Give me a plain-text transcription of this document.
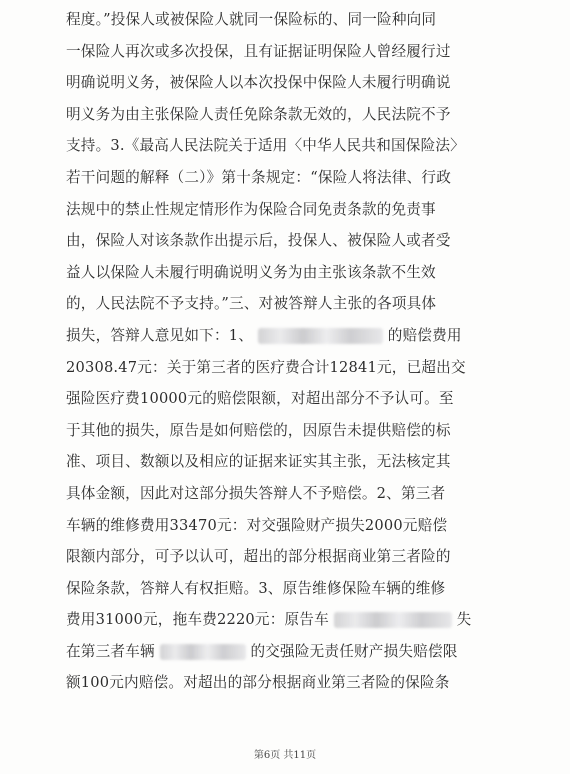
程度。”投保人或被保险人就同一保险标的、同一险种向同
一保险人再次或多次投保，且有证据证明保险人曾经履行过
明确说明义务，被保险人以本次投保中保险人未履行明确说
明义务为由主张保险人责任免除条款无效的，人民法院不予
支持。3.《最高人民法院关于适用〈中华人民共和国保险法〉
若干问题的解释（二）》第十条规定：“保险人将法律、行政
法规中的禁止性规定情形作为保险合同免责条款的免责事
由，保险人对该条款作出提示后，投保人、被保险人或者受
益人以保险人未履行明确说明义务为由主张该条款不生效
的，人民法院不予支持。”三、对被答辩人主张的各项具体
损失，答辩人意见如下：1、	的赔偿费用
20308.47元：关于第三者的医疗费合计12841元，已超出交
强险医疗费10000元的赔偿限额，对超出部分不予认可。至
于其他的损失，原告是如何赔偿的，因原告未提供赔偿的标
准、项目、数额以及相应的证据来证实其主张，无法核定其
具体金额，因此对这部分损失答辩人不予赔偿。2、第三者
车辆的维修费用33470元：对交强险财产损失2000元赔偿
限额内部分，可予以认可，超出的部分根据商业第三者险的
保险条款，答辩人有权拒赔。3、原告维修保险车辆的维修
费用31000元，拖车费2220元：原告车	失
在第三者车辆	的交强险无责任财产损失赔偿限
额100元内赔偿。对超出的部分根据商业第三者险的保险条
第6页 共11页
